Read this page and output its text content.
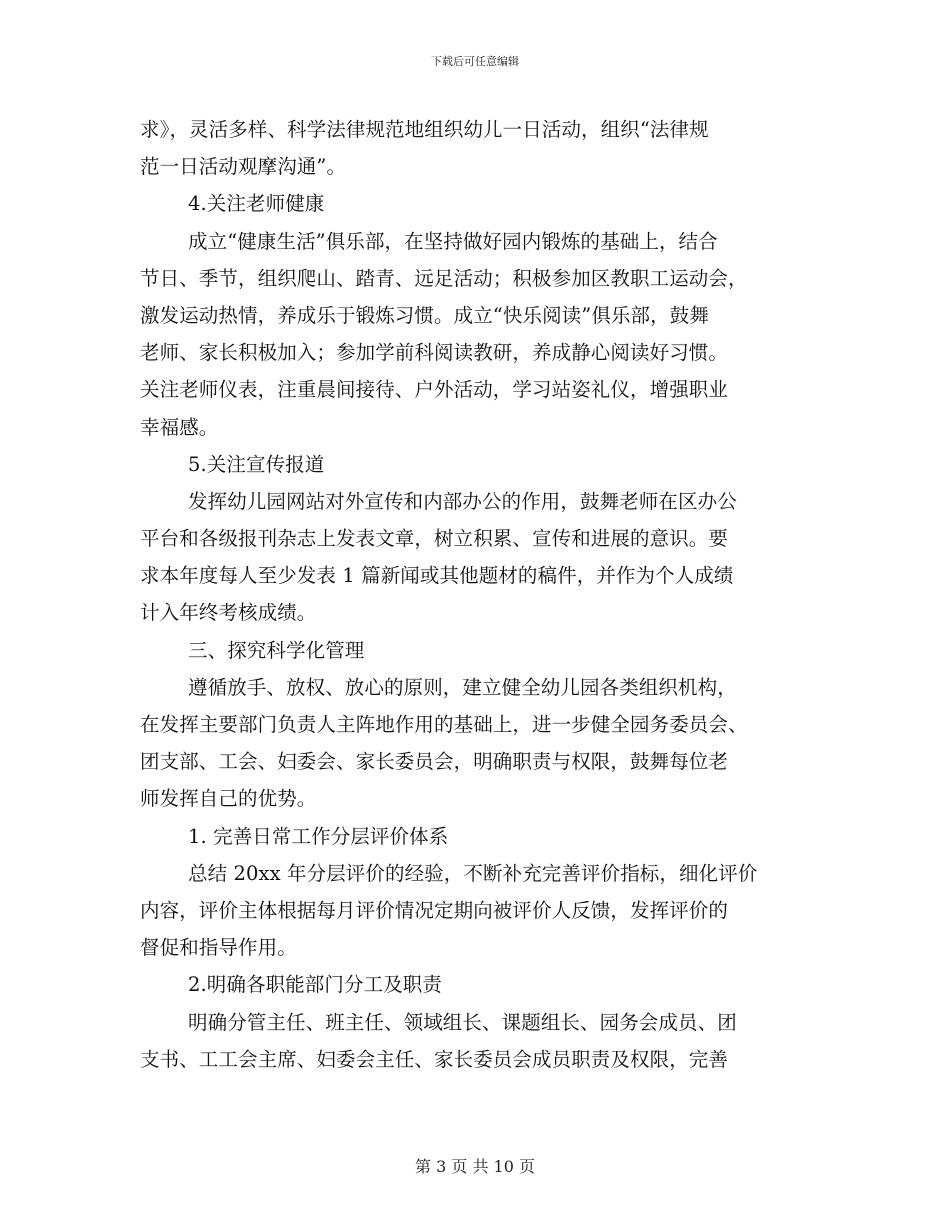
下载后可任意编辑
求》，灵活多样、科学法律规范地组织幼儿一日活动，组织“法律规
范一日活动观摩沟通”。
4.关注老师健康
成立“健康生活”俱乐部，在坚持做好园内锻炼的基础上，结合
节日、季节，组织爬山、踏青、远足活动；积极参加区教职工运动会，
激发运动热情，养成乐于锻炼习惯。成立“快乐阅读”俱乐部，鼓舞
老师、家长积极加入；参加学前科阅读教研，养成静心阅读好习惯。
关注老师仪表，注重晨间接待、户外活动，学习站姿礼仪，增强职业
幸福感。
5.关注宣传报道
发挥幼儿园网站对外宣传和内部办公的作用，鼓舞老师在区办公
平台和各级报刊杂志上发表文章，树立积累、宣传和进展的意识。要
求本年度每人至少发表 1 篇新闻或其他题材的稿件，并作为个人成绩
计入年终考核成绩。
三、探究科学化管理
遵循放手、放权、放心的原则，建立健全幼儿园各类组织机构，
在发挥主要部门负责人主阵地作用的基础上，进一步健全园务委员会、
团支部、工会、妇委会、家长委员会，明确职责与权限，鼓舞每位老
师发挥自己的优势。
1. 完善日常工作分层评价体系
总结 20xx 年分层评价的经验，不断补充完善评价指标，细化评价
内容，评价主体根据每月评价情况定期向被评价人反馈，发挥评价的
督促和指导作用。
2.明确各职能部门分工及职责
明确分管主任、班主任、领域组长、课题组长、园务会成员、团
支书、工工会主席、妇委会主任、家长委员会成员职责及权限，完善
第 3 页 共 10 页
